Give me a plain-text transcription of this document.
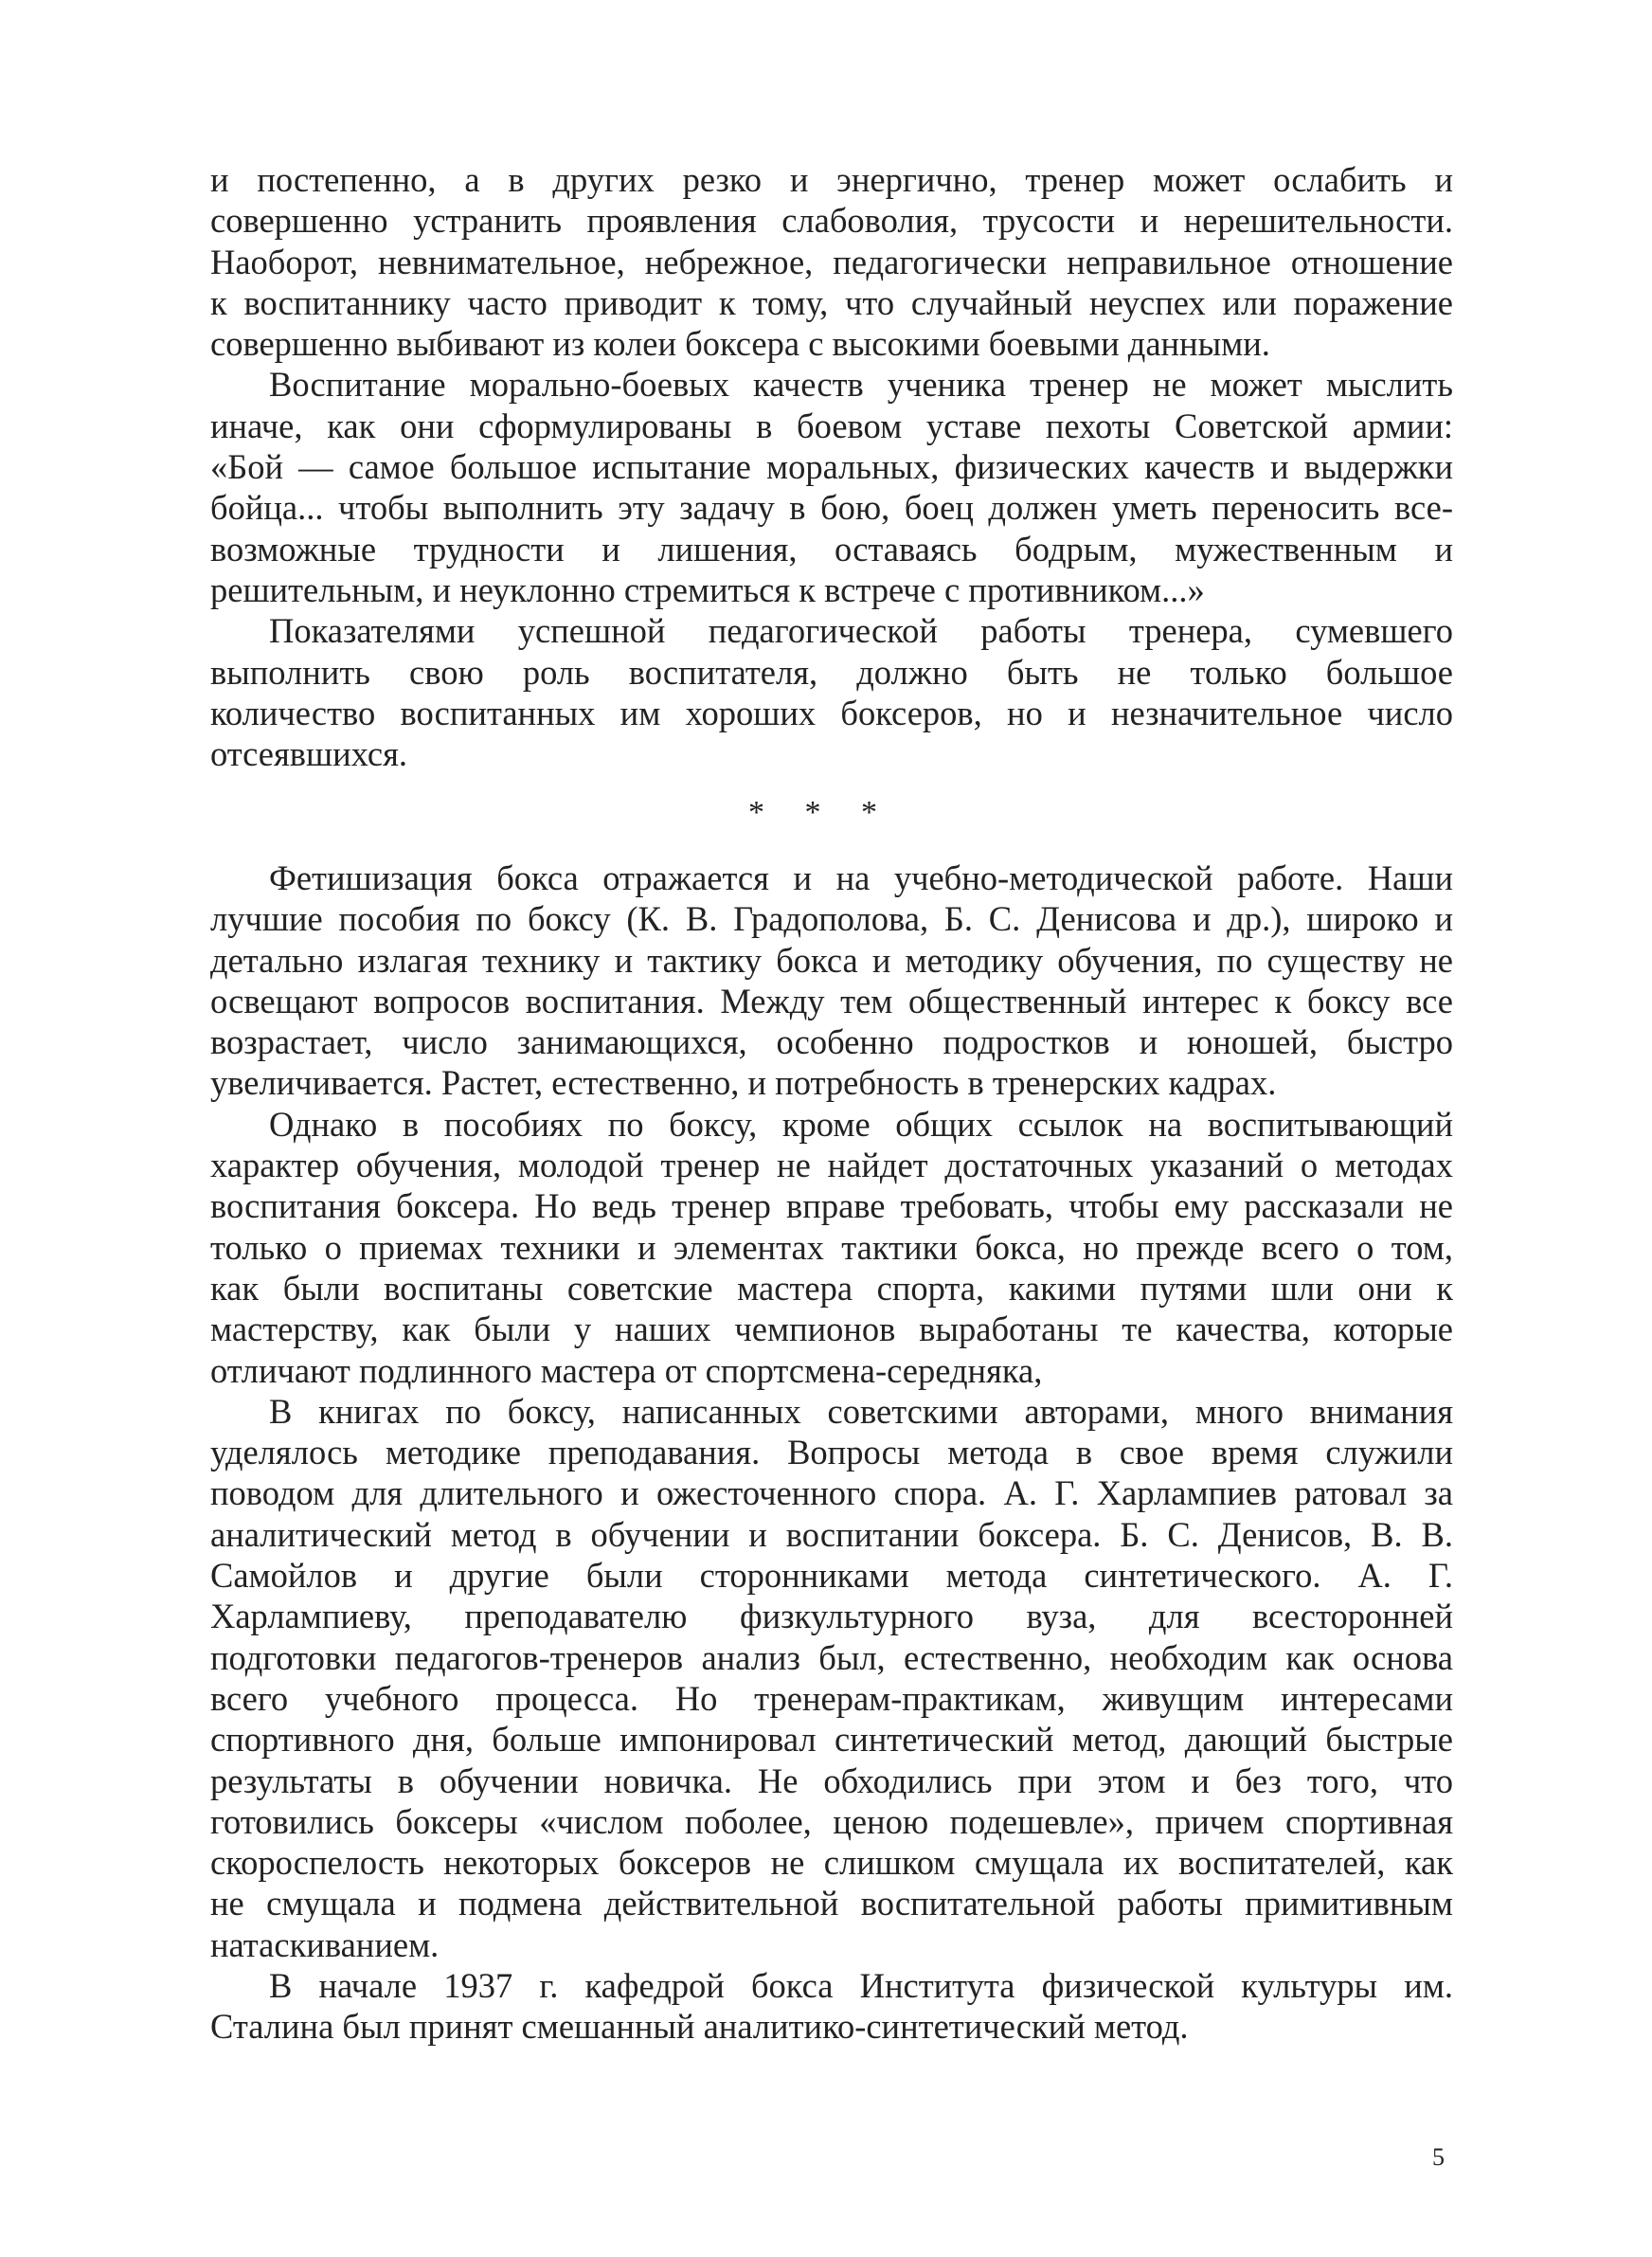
и постепенно, а в других резко и энергично, тренер может ослабить и
совершенно устранить проявления слабоволия, трусости и нерешительности.
Наоборот, невнимательное, небрежное, педагогически неправильное отношение
к воспитаннику часто приводит к тому, что случайный неуспех или поражение
совершенно выбивают из колеи боксера с высокими боевыми данными.
Воспитание морально-боевых качеств ученика тренер не может мыслить
иначе, как они сформулированы в боевом уставе пехоты Советской армии:
«Бой — самое большое испытание моральных, физических качеств и выдержки
бойца... чтобы выполнить эту задачу в бою, боец должен уметь переносить все-
возможные трудности и лишения, оставаясь бодрым, мужественным и
решительным, и неуклонно стремиться к встрече с противником...»
Показателями успешной педагогической работы тренера, сумевшего
выполнить свою роль воспитателя, должно быть не только большое
количество воспитанных им хороших боксеров, но и незначительное число
отсеявшихся.
* * *
Фетишизация бокса отражается и на учебно-методической работе. Наши
лучшие пособия по боксу (К. В. Градополова, Б. С. Денисова и др.), широко и
детально излагая технику и тактику бокса и методику обучения, по существу не
освещают вопросов воспитания. Между тем общественный интерес к боксу все
возрастает, число занимающихся, особенно подростков и юношей, быстро
увеличивается. Растет, естественно, и потребность в тренерских кадрах.
Однако в пособиях по боксу, кроме общих ссылок на воспитывающий
характер обучения, молодой тренер не найдет достаточных указаний о методах
воспитания боксера. Но ведь тренер вправе требовать, чтобы ему рассказали не
только о приемах техники и элементах тактики бокса, но прежде всего о том,
как были воспитаны советские мастера спорта, какими путями шли они к
мастерству, как были у наших чемпионов выработаны те качества, которые
отличают подлинного мастера от спортсмена-середняка,
В книгах по боксу, написанных советскими авторами, много внимания
уделялось методике преподавания. Вопросы метода в свое время служили
поводом для длительного и ожесточенного спора. А. Г. Харлампиев ратовал за
аналитический метод в обучении и воспитании боксера. Б. С. Денисов, В. В.
Самойлов и другие были сторонниками метода синтетического. А. Г.
Харлампиеву, преподавателю физкультурного вуза, для всесторонней
подготовки педагогов-тренеров анализ был, естественно, необходим как основа
всего учебного процесса. Но тренерам-практикам, живущим интересами
спортивного дня, больше импонировал синтетический метод, дающий быстрые
результаты в обучении новичка. Не обходились при этом и без того, что
готовились боксеры «числом поболее, ценою подешевле», причем спортивная
скороспелость некоторых боксеров не слишком смущала их воспитателей, как
не смущала и подмена действительной воспитательной работы примитивным
натаскиванием.
В начале 1937 г. кафедрой бокса Института физической культуры им.
Сталина был принят смешанный аналитико-синтетический метод.
5
